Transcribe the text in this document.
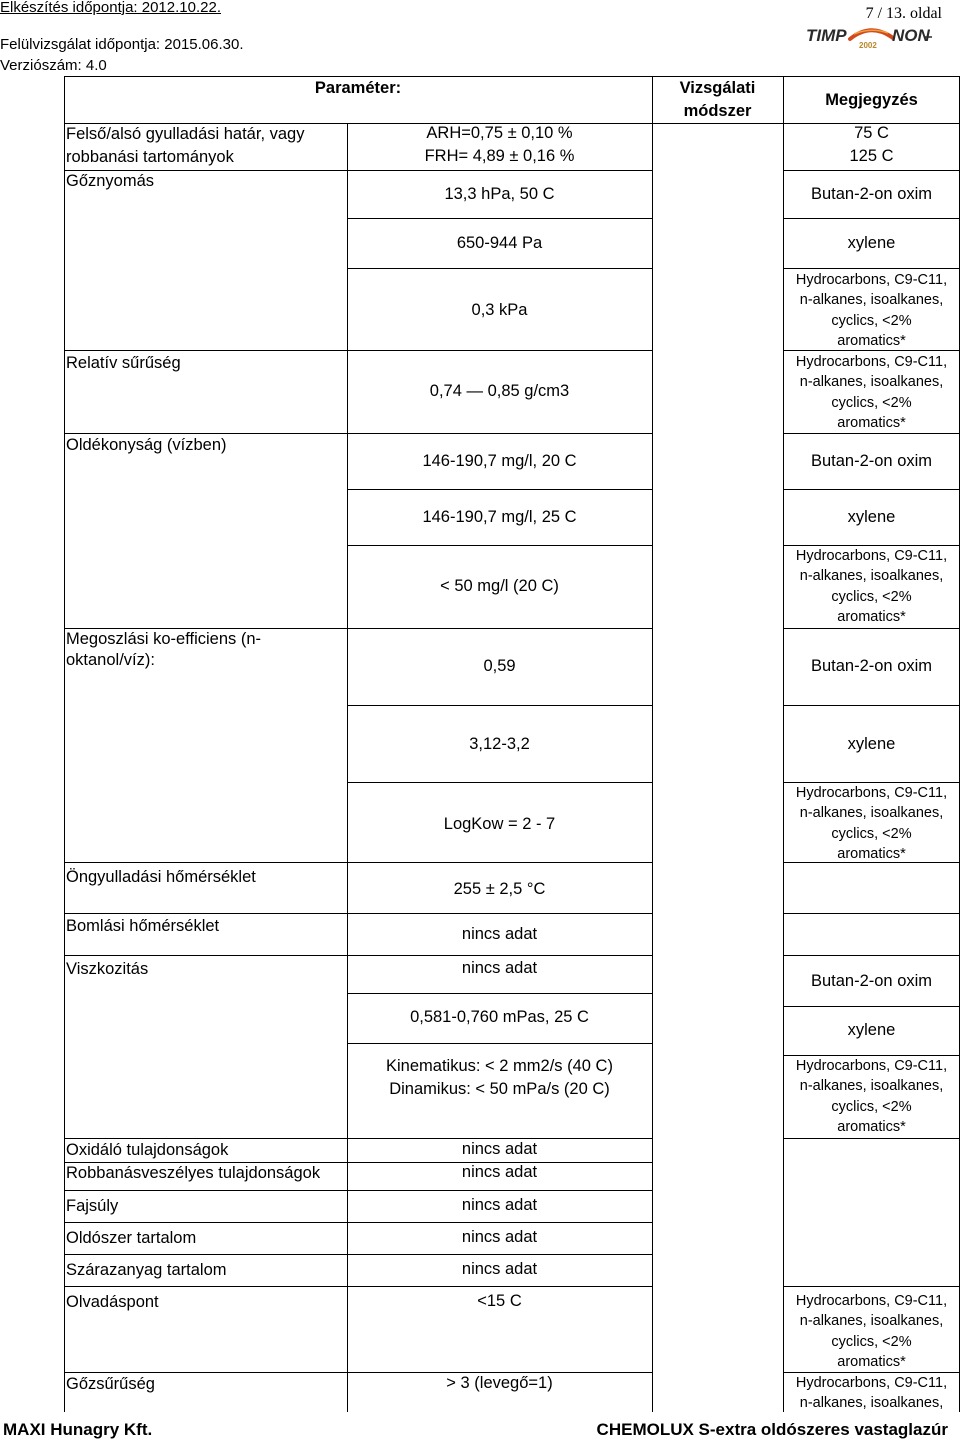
Elkészítés időpontja: 2012.10.22.
Felülvizsgálat időpontja: 2015.06.30.
Verziószám: 4.0
7 / 13. oldal
TIMP
2002
NON
Paraméter:	Vizsgálati
módszer
Megjegyzés
Felső/alsó gyulladási határ, vagy
robbanási tartományok
Gőznyomás
Relatív sűrűség
Oldékonyság (vízben)
Megoszlási ko-efficiens (n-
oktanol/víz):
Öngyulladási hőmérséklet
Bomlási hőmérséklet
Viszkozitás
Oxidáló tulajdonságok
Robbanásveszélyes tulajdonságok
Fajsúly
Oldószer tartalom
Szárazanyag tartalom
Olvadáspont
Gőzsűrűség
ARH=0,75 ± 0,10 %
FRH= 4,89 ± 0,16 %
13,3 hPa, 50 C
650-944 Pa
0,3 kPa
0,74 — 0,85 g/cm3
146-190,7 mg/l, 20 C
146-190,7 mg/l, 25 C
< 50 mg/l (20 C)
0,59
3,12-3,2
LogKow = 2 - 7
255 ± 2,5 °C
nincs adat
nincs adat
0,581-0,760 mPas, 25 C
Kinematikus: < 2 mm2/s (40 C)
Dinamikus: < 50 mPa/s (20 C)
nincs adat
nincs adat
nincs adat
nincs adat
nincs adat
<15 C
> 3 (levegő=1)
75 C
125 C
Butan-2-on oxim
xylene
Hydrocarbons, C9-C11,
n-alkanes, isoalkanes,
cyclics, <2%
aromatics*
Hydrocarbons, C9-C11,
n-alkanes, isoalkanes,
cyclics, <2%
aromatics*
Butan-2-on oxim
xylene
Hydrocarbons, C9-C11,
n-alkanes, isoalkanes,
cyclics, <2%
aromatics*
Butan-2-on oxim
xylene
Hydrocarbons, C9-C11,
n-alkanes, isoalkanes,
cyclics, <2%
aromatics*
Butan-2-on oxim
xylene
Hydrocarbons, C9-C11,
n-alkanes, isoalkanes,
cyclics, <2%
aromatics*
Hydrocarbons, C9-C11,
n-alkanes, isoalkanes,
cyclics, <2%
aromatics*
Hydrocarbons, C9-C11,
n-alkanes, isoalkanes,
MAXI Hunagry Kft.	CHEMOLUX S-extra oldószeres vastaglazúr
